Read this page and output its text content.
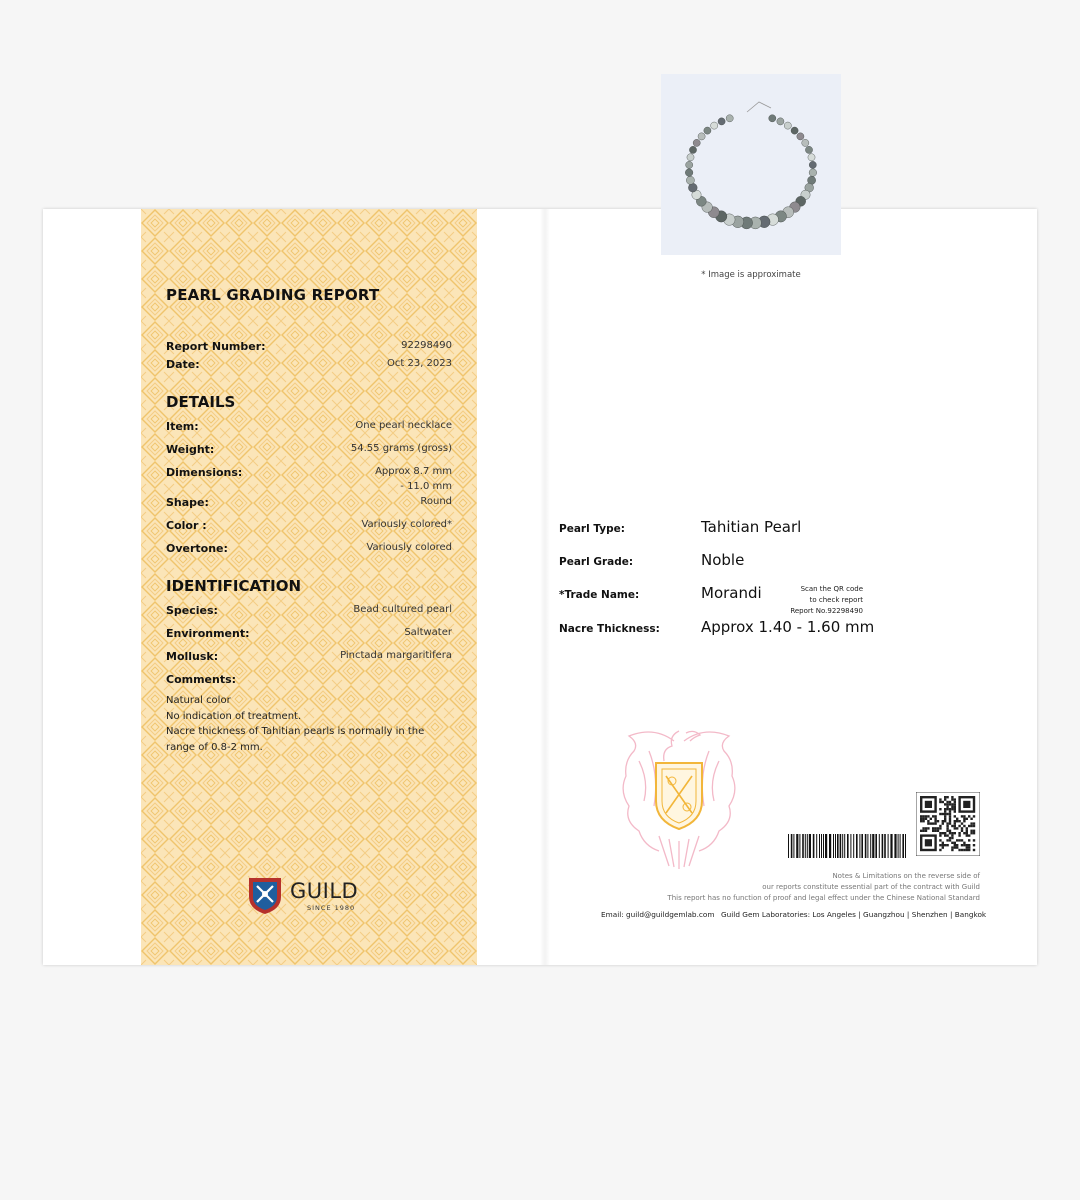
PEARL GRADING REPORT
Report Number:	92298490
Date:	Oct 23, 2023
DETAILS
Item:	One pearl necklace
Weight:	54.55 grams (gross)
Dimensions:	Approx 8.7 mm
- 11.0 mm
Shape:	Round
Color :	Variously colored*
Overtone:	Variously colored
IDENTIFICATION
Species:	Bead cultured pearl
Environment:	Saltwater
Mollusk:	Pinctada margaritifera
Comments:
Natural color
No indication of treatment.
Nacre thickness of Tahitian pearls is normally in the range of 0.8-2 mm.
GUILD
SINCE 1980
* Image is approximate
Pearl Type:	Tahitian Pearl
Pearl Grade:	Noble
*Trade Name:	Morandi
Nacre Thickness:	Approx 1.40 - 1.60 mm
Scan the QR code
to check report
Report No.92298490
Notes & Limitations on the reverse side of
our reports constitute essential part of the contract with Guild
This report has no function of proof and legal effect under the Chinese National Standard
Email: guild@guildgemlab.com Guild Gem Laboratories: Los Angeles | Guangzhou | Shenzhen | Bangkok
